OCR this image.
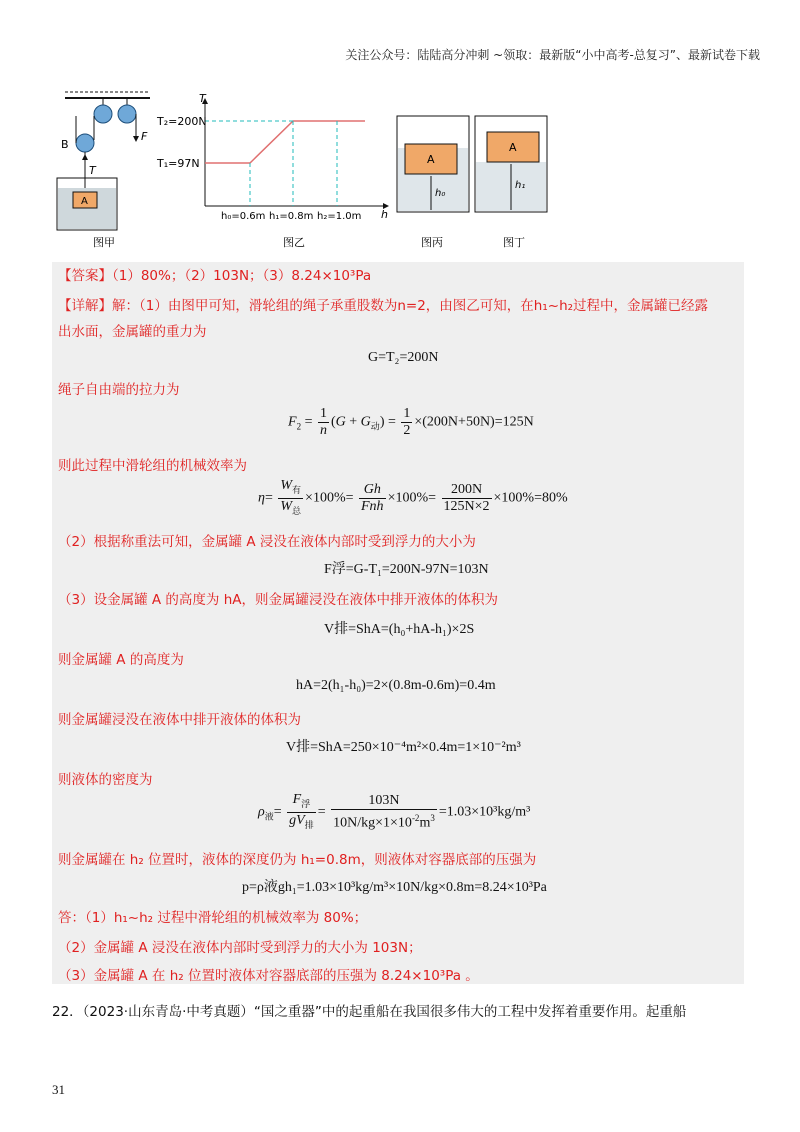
关注公众号：陆陆高分冲刺 ~领取：最新版“小中高考-总复习”、最新试卷下载
F
B
T
A
图甲
T
h
T₂=200N
T₁=97N
h₀=0.6m h₁=0.8m h₂=1.0m
图乙
A
h₀
图丙
A
h₁
图丁
【答案】（1）80%；（2）103N；（3）8.24×10³Pa
【详解】解：（1）由图甲可知，滑轮组的绳子承重股数为n=2，由图乙可知，在h₁~h₂过程中，金属罐已经露
出水面，金属罐的重力为
G=T₂=200N
绳子自由端的拉力为
$F_2 = \frac{1}{n} (G + G_动) = \frac{1}{2} \times(200N+50N)=125N$
则此过程中滑轮组的机械效率为
$\eta= \frac{W_有}{W_总} \times 100\%= \frac{Gh}{\text{Fnh}} \times 100\%= \frac{200N}{125N\times 2} \times 100\%=80\%$
（2）根据称重法可知，金属罐 A 浸没在液体内部时受到浮力的大小为
F浮=G-T₁=200N-97N=103N
（3）设金属罐 A 的高度为 hA，则金属罐浸没在液体中排开液体的体积为
V排=ShA=(h₀+hA-h₁)×2S
则金属罐 A 的高度为
hA=2(h₁-h₀)=2×(0.8m-0.6m)=0.4m
则金属罐浸没在液体中排开液体的体积为
V排=ShA=250×10⁻⁴m²×0.4m=1×10⁻²m³
则液体的密度为
$\rho_液= \frac{F_浮}{gV_排} = \frac{103N}{10N/kg\times 1\times 10^{-2}m^3} =1.03\times 10^3kg/m^3$
则金属罐在 h₂ 位置时，液体的深度仍为 h₁=0.8m，则液体对容器底部的压强为
p=ρ液gh₁=1.03×10³kg/m³×10N/kg×0.8m=8.24×10³Pa
答：（1）h₁~h₂ 过程中滑轮组的机械效率为 80%；
（2）金属罐 A 浸没在液体内部时受到浮力的大小为 103N；
（3）金属罐 A 在 h₂ 位置时液体对容器底部的压强为 8.24×10³Pa 。
22．（2023·山东青岛·中考真题）“国之重器”中的起重船在我国很多伟大的工程中发挥着重要作用。起重船
31
